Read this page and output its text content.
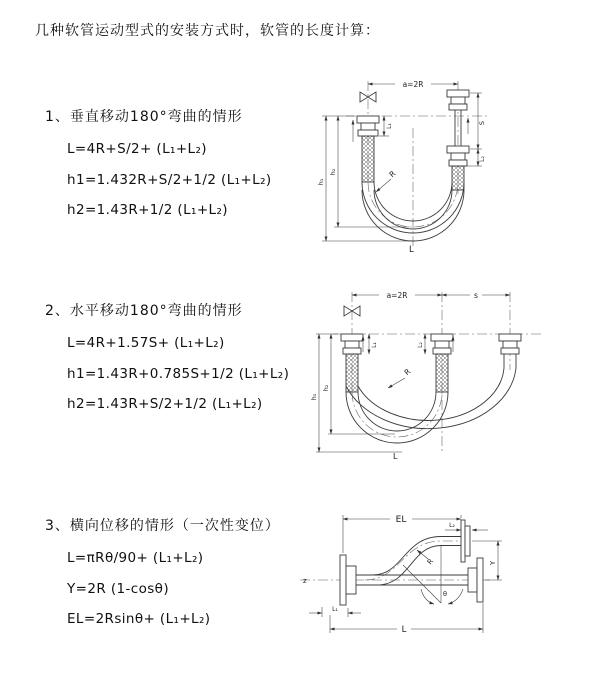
几种软管运动型式的安装方式时，软管的长度计算：
1、垂直移动180°弯曲的情形
L=4R+S/2+ (L₁+L₂)
h1=1.432R+S/2+1/2 (L₁+L₂)
h2=1.43R+1/2 (L₁+L₂)
2、水平移动180°弯曲的情形
L=4R+1.57S+ (L₁+L₂)
h1=1.43R+0.785S+1/2 (L₁+L₂)
h2=1.43R+S/2+1/2 (L₁+L₂)
3、横向位移的情形（一次性变位）
L=πRθ/90+ (L₁+L₂)
Y=2R (1-cosθ)
EL=2Rsinθ+ (L₁+L₂)
a=2R
h₁
h₂
L₁
S
L₂
R
L
a=2R	s
h₁
h₂
L₁	L₂
R
L
z
θ
R
EL
L₂
Y
L
L₁
